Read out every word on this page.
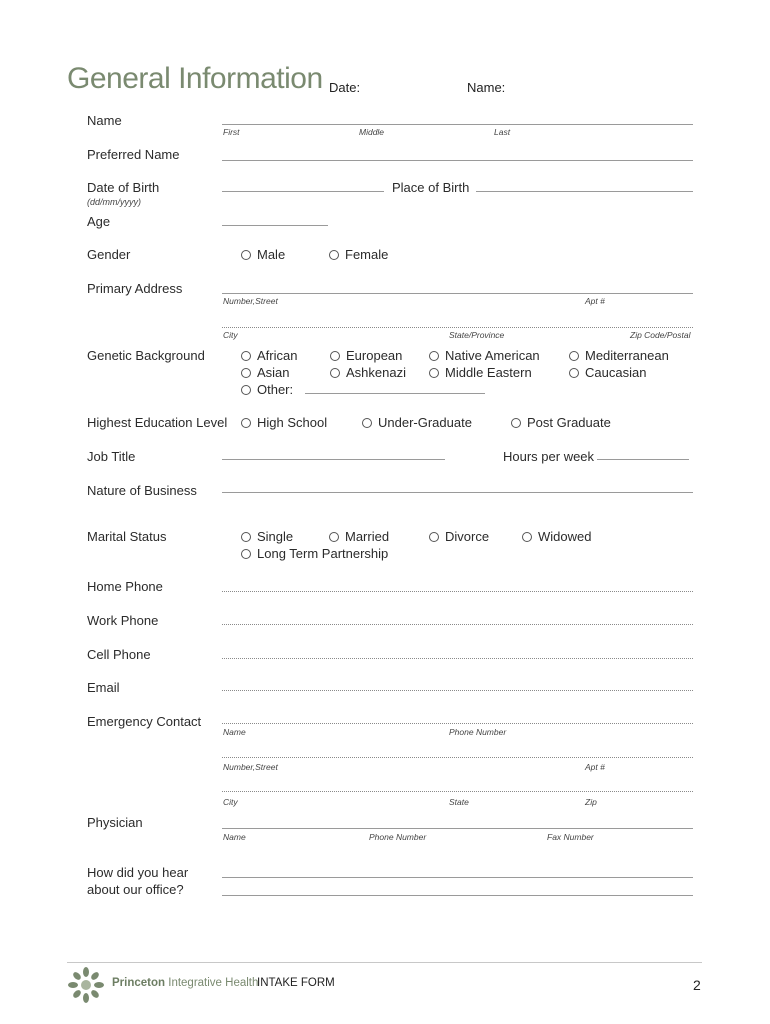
General Information Date:	Name:
Name
First	Middle	Last
Preferred Name
Date of Birth
(dd/mm/yyyy)
Place of Birth
Age
Gender	Male	Female
Primary Address
Number,Street	Apt #
City	State/Province	Zip Code/Postal
Genetic Background	African	European	Native American	Mediterranean
Asian	Ashkenazi	Middle Eastern	Caucasian
Other:
Highest Education Level High School	Under-Graduate	Post Graduate
Job Title	Hours per week
Nature of Business
Marital Status	Single	Married	Divorce	Widowed
Long Term Partnership
Home Phone
Work Phone
Cell Phone
Email
Emergency Contact
Name	Phone Number
Number,Street	Apt #
City	State	Zip
Physician
Name	Phone Number	Fax Number
How did you hear
about our office?
Princeton Integrative Health
INTAKE FORM	2
